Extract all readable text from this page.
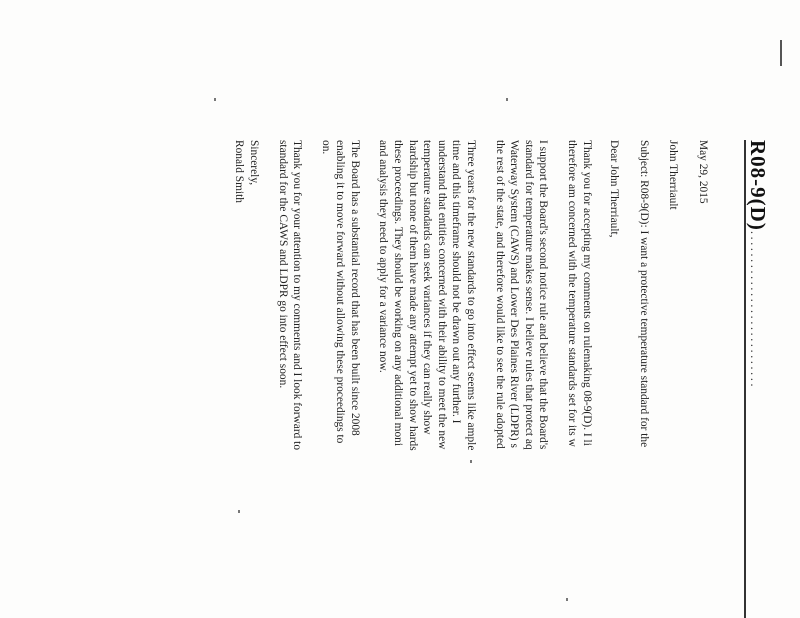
R08-9(D)............................

May 29, 2015

John Therriault

Subject: R08-9(D): I want a protective temperature standard for the

Dear John Therriault,

Thank you for accepting my comments on rulemaking 08-9(D). I li

therefore am concerned with the temperature standards set for its w

I support the Board's second notice rule and believe that the Board's

standard for temperature makes sense. I believe rules that protect aq

Waterway System (CAWS) and Lower Des Plaines River (LDPR) s

the rest of the state, and therefore would like to see the rule adopted

Three years for the new standards to go into effect seems like ample

time and this timeframe should not be drawn out any further. I

understand that entities concerned with their ability to meet the new

temperature standards can seek variances if they can really show

hardship but none of them have made any attempt yet to show hards

these proceedings. They should be working on any additional moni

and analysis they need to apply for a variance now.

The Board has a substantial record that has been built since 2008

enabling it to move forward without allowing these proceedings to

on.

Thank you for your attention to my comments and I look forward to

standard for the CAWS and LDPR go into effect soon.

Sincerely,

Ronald Smith
